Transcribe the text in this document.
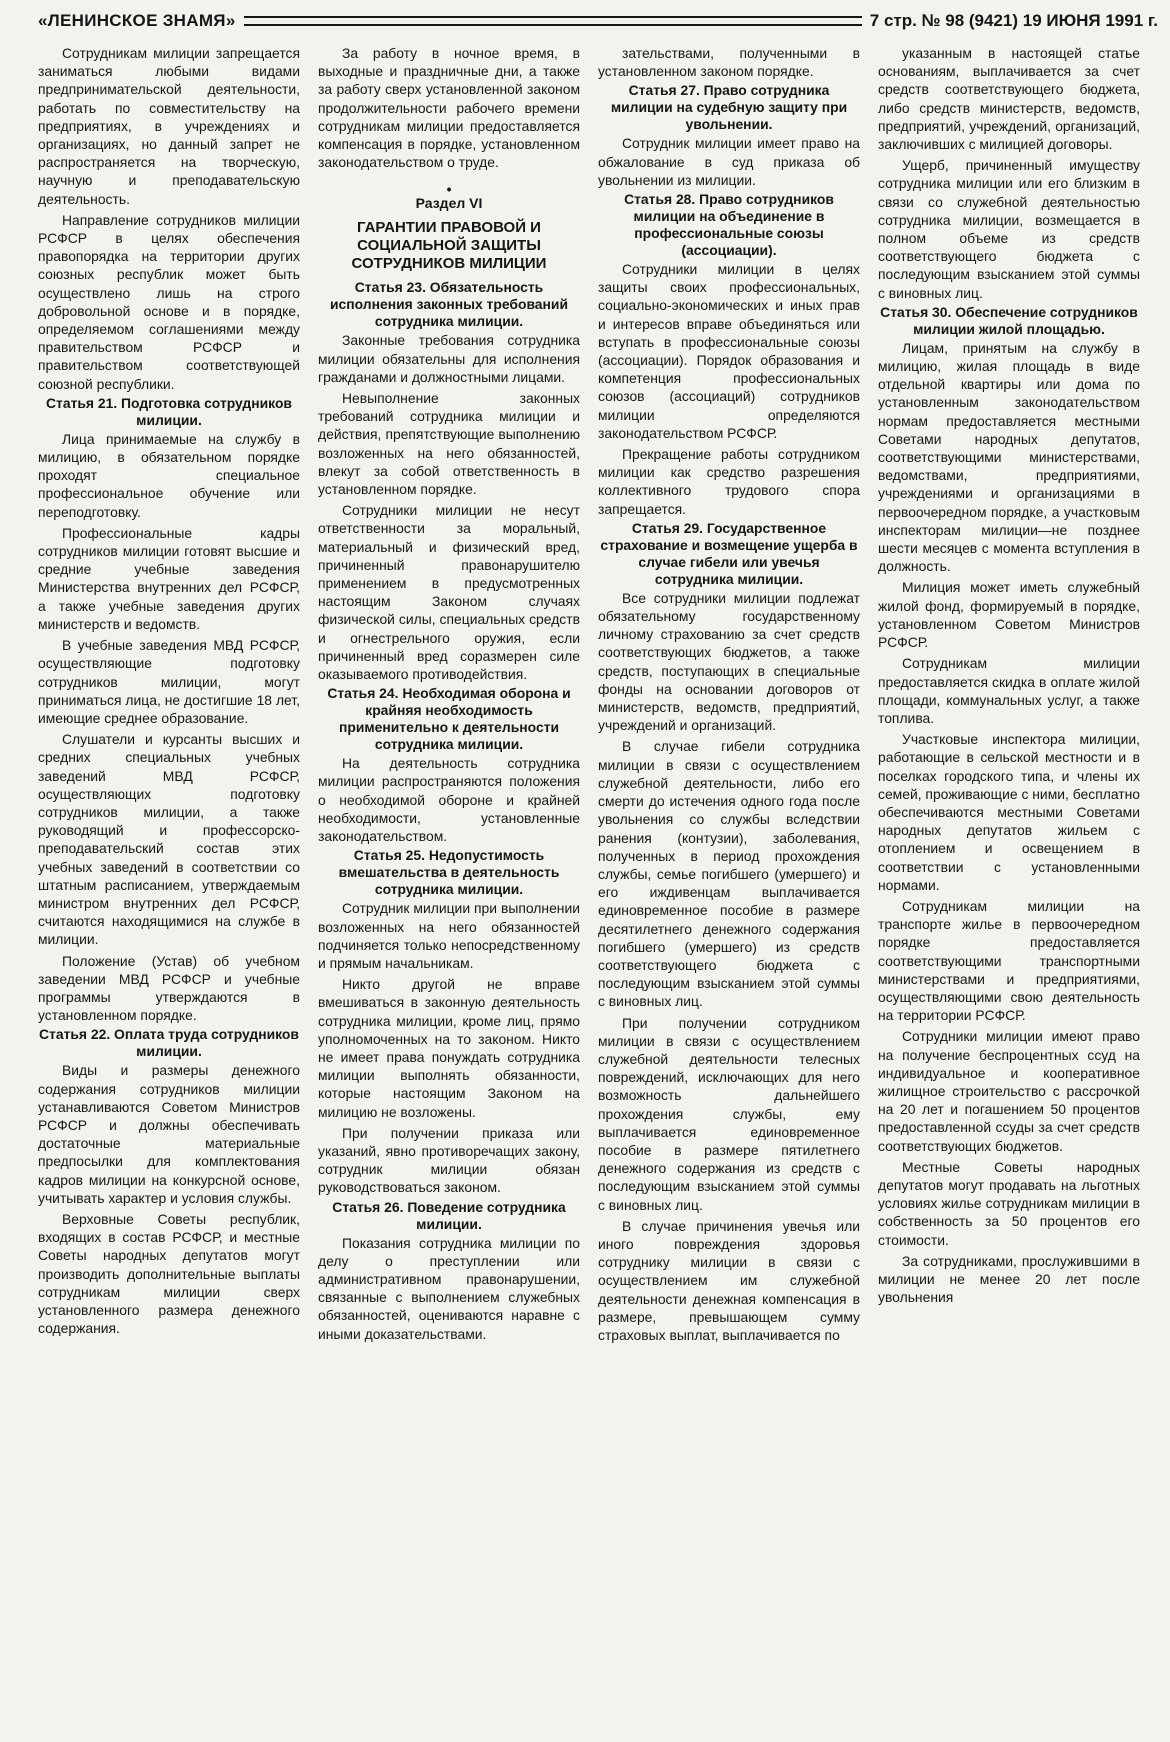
«ЛЕНИНСКОЕ ЗНАМЯ»	7 стр. № 98 (9421) 19 ИЮНЯ 1991 г.

Сотрудникам милиции запрещается заниматься любыми видами предпринимательской деятельности, работать по совместительству на предприятиях, в учреждениях и организациях, но данный запрет не распространяется на творческую, научную и преподавательскую деятельность.

Направление сотрудников милиции РСФСР в целях обеспечения правопорядка на территории других союзных республик может быть осуществлено лишь на строго добровольной основе и в порядке, определяемом соглашениями между правительством РСФСР и правительством соответствующей союзной республики.

Статья 21. Подготовка сотрудников милиции.

Лица принимаемые на службу в милицию, в обязательном порядке проходят специальное профессиональное обучение или переподготовку.

Профессиональные кадры сотрудников милиции готовят высшие и средние учебные заведения Министерства внутренних дел РСФСР, а также учебные заведения других министерств и ведомств.

В учебные заведения МВД РСФСР, осуществляющие подготовку сотрудников милиции, могут приниматься лица, не достигшие 18 лет, имеющие среднее образование.

Слушатели и курсанты высших и средних специальных учебных заведений МВД РСФСР, осуществляющих подготовку сотрудников милиции, а также руководящий и профессорско-преподавательский состав этих учебных заведений в соответствии со штатным расписанием, утверждаемым министром внутренних дел РСФСР, считаются находящимися на службе в милиции.

Положение (Устав) об учебном заведении МВД РСФСР и учебные программы утверждаются в установленном порядке.

Статья 22. Оплата труда сотрудников милиции.

Виды и размеры денежного содержания сотрудников милиции устанавливаются Советом Министров РСФСР и должны обеспечивать достаточные материальные предпосылки для комплектования кадров милиции на конкурсной основе, учитывать характер и условия службы.

Верховные Советы республик, входящих в состав РСФСР, и местные Советы народных депутатов могут производить дополнительные выплаты сотрудникам милиции сверх установленного размера денежного содержания.

За работу в ночное время, в выходные и праздничные дни, а также за работу сверх установленной законом продолжительности рабочего времени сотрудникам милиции предоставляется компенсация в порядке, установленном законодательством о труде.

•
Раздел VI
ГАРАНТИИ ПРАВОВОЙ И СОЦИАЛЬНОЙ ЗАЩИТЫ СОТРУДНИКОВ МИЛИЦИИ
Статья 23. Обязательность исполнения законных требований сотрудника милиции.

Законные требования сотрудника милиции обязательны для исполнения гражданами и должностными лицами.

Невыполнение законных требований сотрудника милиции и действия, препятствующие выполнению возложенных на него обязанностей, влекут за собой ответственность в установленном порядке.

Сотрудники милиции не несут ответственности за моральный, материальный и физический вред, причиненный правонарушителю применением в предусмотренных настоящим Законом случаях физической силы, специальных средств и огнестрельного оружия, если причиненный вред соразмерен силе оказываемого противодействия.

Статья 24. Необходимая оборона и крайняя необходимость применительно к деятельности сотрудника милиции.

На деятельность сотрудника милиции распространяются положения о необходимой обороне и крайней необходимости, установленные законодательством.

Статья 25. Недопустимость вмешательства в деятельность сотрудника милиции.

Сотрудник милиции при выполнении возложенных на него обязанностей подчиняется только непосредственному и прямым начальникам.

Никто другой не вправе вмешиваться в законную деятельность сотрудника милиции, кроме лиц, прямо уполномоченных на то законом. Никто не имеет права понуждать сотрудника милиции выполнять обязанности, которые настоящим Законом на милицию не возложены.

При получении приказа или указаний, явно противоречащих закону, сотрудник милиции обязан руководствоваться законом.

Статья 26. Поведение сотрудника милиции.

Показания сотрудника милиции по делу о преступлении или административном правонарушении, связанные с выполнением служебных обязанностей, оцениваются наравне с иными доказательствами.

зательствами, полученными в установленном законом порядке.

Статья 27. Право сотрудника милиции на судебную защиту при увольнении.

Сотрудник милиции имеет право на обжалование в суд приказа об увольнении из милиции.

Статья 28. Право сотрудников милиции на объединение в профессиональные союзы (ассоциации).

Сотрудники милиции в целях защиты своих профессиональных, социально-экономических и иных прав и интересов вправе объединяться или вступать в профессиональные союзы (ассоциации). Порядок образования и компетенция профессиональных союзов (ассоциаций) сотрудников милиции определяются законодательством РСФСР.

Прекращение работы сотрудником милиции как средство разрешения коллективного трудового спора запрещается.

Статья 29. Государственное страхование и возмещение ущерба в случае гибели или увечья сотрудника милиции.

Все сотрудники милиции подлежат обязательному государственному личному страхованию за счет средств соответствующих бюджетов, а также средств, поступающих в специальные фонды на основании договоров от министерств, ведомств, предприятий, учреждений и организаций.

В случае гибели сотрудника милиции в связи с осуществлением служебной деятельности, либо его смерти до истечения одного года после увольнения со службы вследствии ранения (контузии), заболевания, полученных в период прохождения службы, семье погибшего (умершего) и его иждивенцам выплачивается единовременное пособие в размере десятилетнего денежного содержания погибшего (умершего) из средств соответствующего бюджета с последующим взысканием этой суммы с виновных лиц.

При получении сотрудником милиции в связи с осуществлением служебной деятельности телесных повреждений, исключающих для него возможность дальнейшего прохождения службы, ему выплачивается единовременное пособие в размере пятилетнего денежного содержания из средств с последующим взысканием этой суммы с виновных лиц.

В случае причинения увечья или иного повреждения здоровья сотруднику милиции в связи с осуществлением им служебной деятельности денежная компенсация в размере, превышающем сумму страховых выплат, выплачивается по

указанным в настоящей статье основаниям, выплачивается за счет средств соответствующего бюджета, либо средств министерств, ведомств, предприятий, учреждений, организаций, заключивших с милицией договоры.

Ущерб, причиненный имуществу сотрудника милиции или его близким в связи со служебной деятельностью сотрудника милиции, возмещается в полном объеме из средств соответствующего бюджета с последующим взысканием этой суммы с виновных лиц.

Статья 30. Обеспечение сотрудников милиции жилой площадью.

Лицам, принятым на службу в милицию, жилая площадь в виде отдельной квартиры или дома по установленным законодательством нормам предоставляется местными Советами народных депутатов, соответствующими министерствами, ведомствами, предприятиями, учреждениями и организациями в первоочередном порядке, а участковым инспекторам милиции—не позднее шести месяцев с момента вступления в должность.

Милиция может иметь служебный жилой фонд, формируемый в порядке, установленном Советом Министров РСФСР.

Сотрудникам милиции предоставляется скидка в оплате жилой площади, коммунальных услуг, а также топлива.

Участковые инспектора милиции, работающие в сельской местности и в поселках городского типа, и члены их семей, проживающие с ними, бесплатно обеспечиваются местными Советами народных депутатов жильем с отоплением и освещением в соответствии с установленными нормами.

Сотрудникам милиции на транспорте жилье в первоочередном порядке предоставляется соответствующими транспортными министерствами и предприятиями, осуществляющими свою деятельность на территории РСФСР.

Сотрудники милиции имеют право на получение беспроцентных ссуд на индивидуальное и кооперативное жилищное строительство с рассрочкой на 20 лет и погашением 50 процентов предоставленной ссуды за счет средств соответствующих бюджетов.

Местные Советы народных депутатов могут продавать на льготных условиях жилье сотрудникам милиции в собственность за 50 процентов его стоимости.

За сотрудниками, прослужившими в милиции не менее 20 лет после увольнения
